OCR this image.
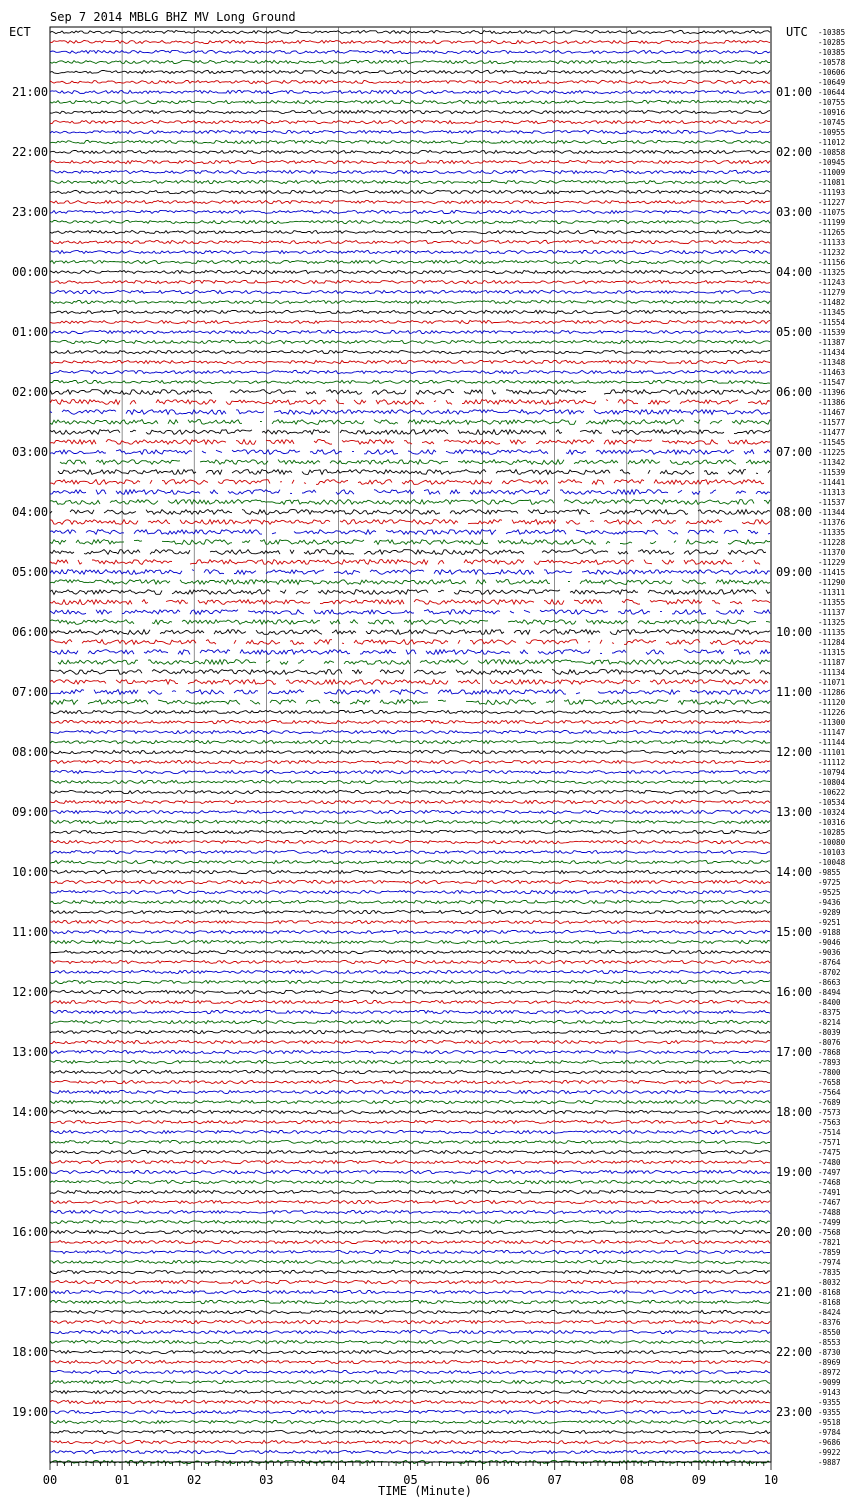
Sep 7 2014 MBLG BHZ MV Long Ground
ECT	UTC
TIME (Minute)
21:00
22:00
23:00
00:00
01:00
02:00
03:00
04:00
05:00
06:00
07:00
08:00
09:00
10:00
11:00
12:00
13:00
14:00
15:00
16:00
17:00
18:00
19:00
01:00
02:00
03:00
04:00
05:00
06:00
07:00
08:00
09:00
10:00
11:00
12:00
13:00
14:00
15:00
16:00
17:00
18:00
19:00
20:00
21:00
22:00
23:00
-10385
-10285
-10385
-10578
-10606
-10649
-10644
-10755
-10916
-10745
-10955
-11012
-10858
-10945
-11009
-11081
-11193
-11227
-11075
-11199
-11265
-11133
-11232
-11156
-11325
-11243
-11279
-11482
-11345
-11554
-11539
-11387
-11434
-11348
-11463
-11547
-11396
-11386
-11467
-11577
-11477
-11545
-11225
-11342
-11539
-11441
-11313
-11537
-11344
-11376
-11335
-11228
-11370
-11229
-11415
-11290
-11311
-11355
-11137
-11325
-11135
-11284
-11315
-11187
-11134
-11071
-11286
-11120
-11226
-11300
-11147
-11144
-11101
-11112
-10794
-10804
-10622
-10534
-10324
-10316
-10285
-10080
-10103
-10048
-9855
-9725
-9525
-9436
-9289
-9251
-9188
-9046
-9036
-8764
-8702
-8663
-8494
-8400
-8375
-8214
-8039
-8076
-7868
-7893
-7800
-7658
-7564
-7689
-7573
-7563
-7514
-7571
-7475
-7480
-7497
-7468
-7491
-7467
-7488
-7499
-7568
-7821
-7859
-7974
-7835
-8032
-8168
-8168
-8424
-8376
-8550
-8553
-8730
-8969
-8972
-9099
-9143
-9355
-9355
-9518
-9784
-9686
-9922
-9887
00	01	02	03	04	05	06	07	08	09	10
